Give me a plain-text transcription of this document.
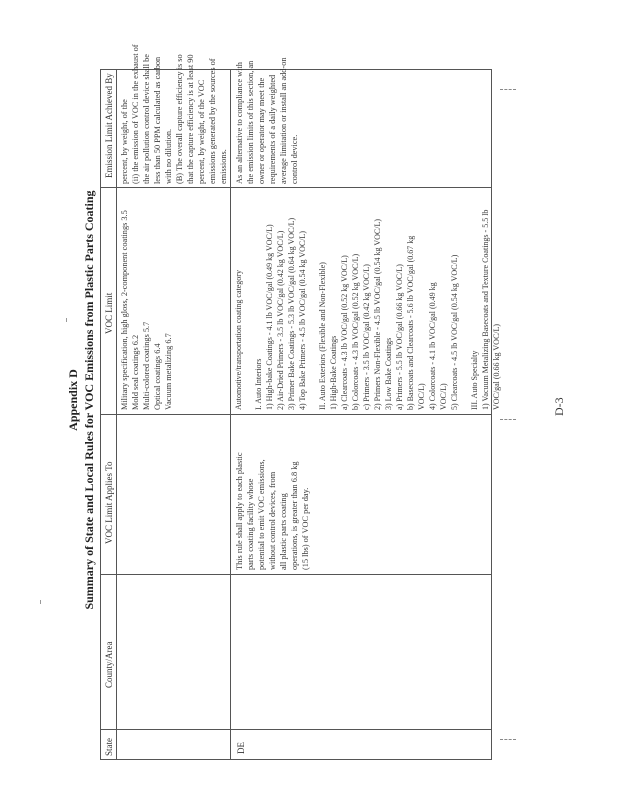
Appendix D Summary of State and Local Rules for VOC Emissions from Plastic Parts Coating
State
County/Area
VOC Limit Applies To
VOC Limit
Emission Limit Achieved By
Military specification, high gloss, 2-component coatings 3.5 Mold seal coatings 6.2 Multi-colored coatings 5.7 Optical coatings 6.4 Vacuum metalizing 6.7
percent, by weight, of the (ii) the emission of VOC in the exhaust of the air pollution control device shall be less than 50 PPM calculated as carbon with no dilution. (B) The overall capture efficiency is so that the capture efficiency is at least 90 percent, by weight, of the VOC emissions generated by the sources of emissions.
DE
This rule shall apply to each plastic parts coating facility whose potential to emit VOC emissions, without control devices, from all plastic parts coating operations, is greater than 6.8 kg (15 lbs) of VOC per day.
Automotive/transportation coating category I. Auto Interiors 1) High-bake Coatings - 4.1 lb VOC/gal (0.49 kg VOC/L) 2) Air-Dried Primers - 3.5 lb VOC/gal (0.42 kg VOC/L) 3) Primer Bake Coatings - 5.3 lb VOC/gal (0.64 kg VOC/L) 4) Top Bake Primers - 4.5 lb VOC/gal (0.54 kg VOC/L) II. Auto Exteriors (Flexible and Non-Flexible) 1) High-Bake Coatings a) Clearcoats - 4.3 lb VOC/gal (0.52 kg VOC/L) b) Colorcoats - 4.3 lb VOC/gal (0.52 kg VOC/L) c) Primers - 3.5 lb VOC/gal (0.42 kg VOC/L) 2) Primers Non-Flexible - 4.5 lb VOC/gal (0.54 kg VOC/L) 3) Low Bake Coatings a) Primers - 5.5 lb VOC/gal (0.66 kg VOC/L) b) Basecoats and Clearcoats - 5.6 lb VOC/gal (0.67 kg VOC/L) 4) Colorcoats - 4.1 lb VOC/gal (0.49 kg VOC/L) 5) Clearcoats - 4.5 lb VOC/gal (0.54 kg VOC/L) III. Auto Specialty 1) Vacuum Metalizing Basecoats and Texture Coatings - 5.5 lb VOC/gal (0.66 kg VOC/L)
As an alternative to compliance with the emission limits of this section, an owner or operator may meet the requirements of a daily weighted average limitation or install an add-on control device.
D-3
